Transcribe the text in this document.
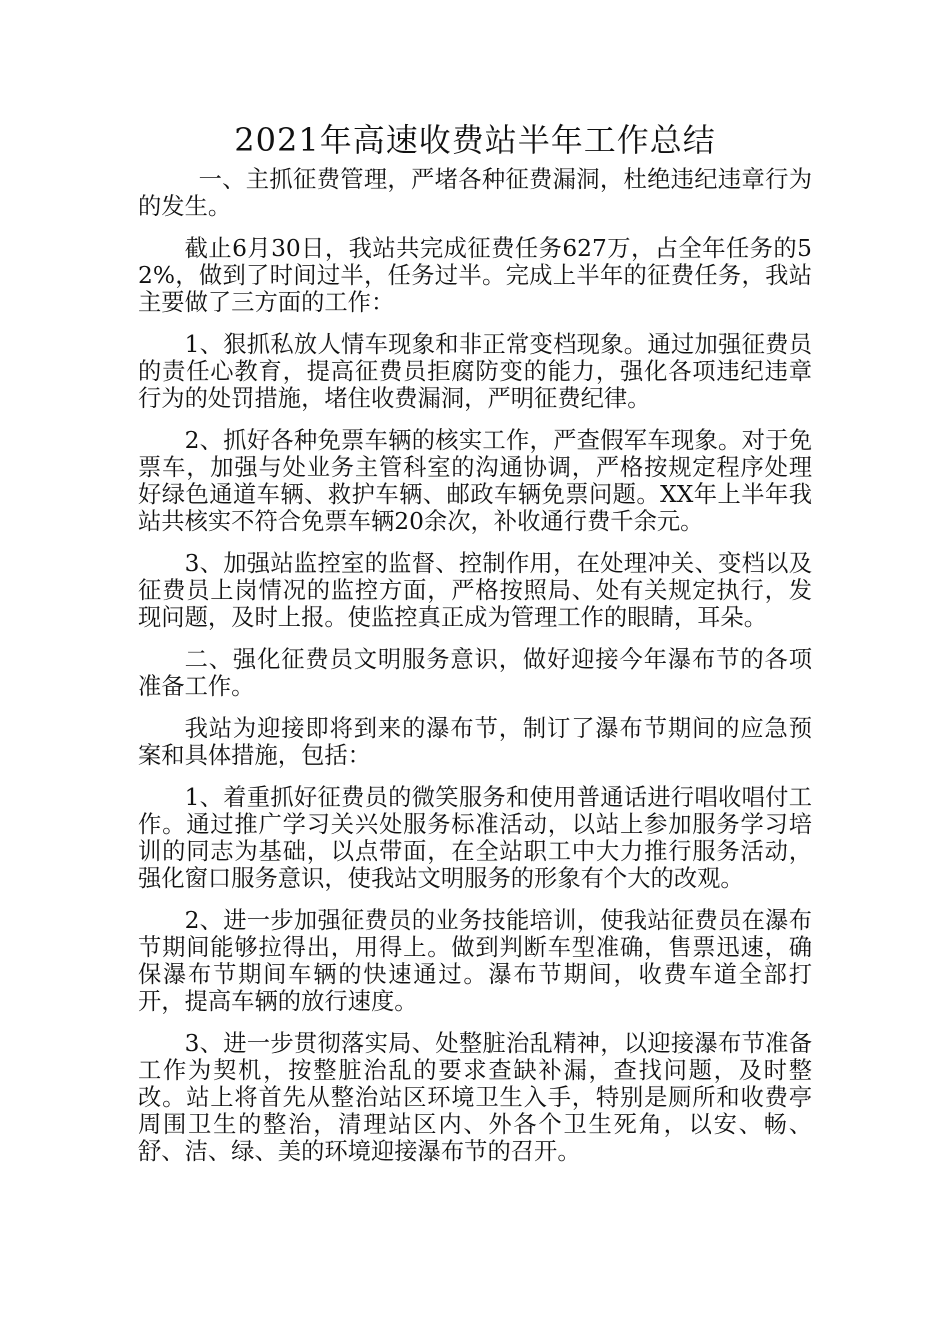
2021年高速收费站半年工作总结

一、主抓征费管理，严堵各种征费漏洞，杜绝违纪违章行为的发生。

截止6月30日，我站共完成征费任务627万，占全年任务的52%，做到了时间过半，任务过半。完成上半年的征费任务，我站主要做了三方面的工作：

1、狠抓私放人情车现象和非正常变档现象。通过加强征费员的责任心教育，提高征费员拒腐防变的能力，强化各项违纪违章行为的处罚措施，堵住收费漏洞，严明征费纪律。

2、抓好各种免票车辆的核实工作，严查假军车现象。对于免票车，加强与处业务主管科室的沟通协调，严格按规定程序处理好绿色通道车辆、救护车辆、邮政车辆免票问题。XX年上半年我站共核实不符合免票车辆20余次，补收通行费千余元。

3、加强站监控室的监督、控制作用，在处理冲关、变档以及征费员上岗情况的监控方面，严格按照局、处有关规定执行，发现问题，及时上报。使监控真正成为管理工作的眼睛，耳朵。

二、强化征费员文明服务意识，做好迎接今年瀑布节的各项准备工作。

我站为迎接即将到来的瀑布节，制订了瀑布节期间的应急预案和具体措施，包括：

1、着重抓好征费员的微笑服务和使用普通话进行唱收唱付工作。通过推广学习关兴处服务标准活动，以站上参加服务学习培训的同志为基础，以点带面，在全站职工中大力推行服务活动，强化窗口服务意识，使我站文明服务的形象有个大的改观。

2、进一步加强征费员的业务技能培训，使我站征费员在瀑布节期间能够拉得出，用得上。做到判断车型准确，售票迅速，确保瀑布节期间车辆的快速通过。瀑布节期间，收费车道全部打开，提高车辆的放行速度。

3、进一步贯彻落实局、处整脏治乱精神，以迎接瀑布节准备工作为契机，按整脏治乱的要求查缺补漏，查找问题，及时整改。站上将首先从整治站区环境卫生入手，特别是厕所和收费亭周围卫生的整治，清理站区内、外各个卫生死角，以安、畅、舒、洁、绿、美的环境迎接瀑布节的召开。
